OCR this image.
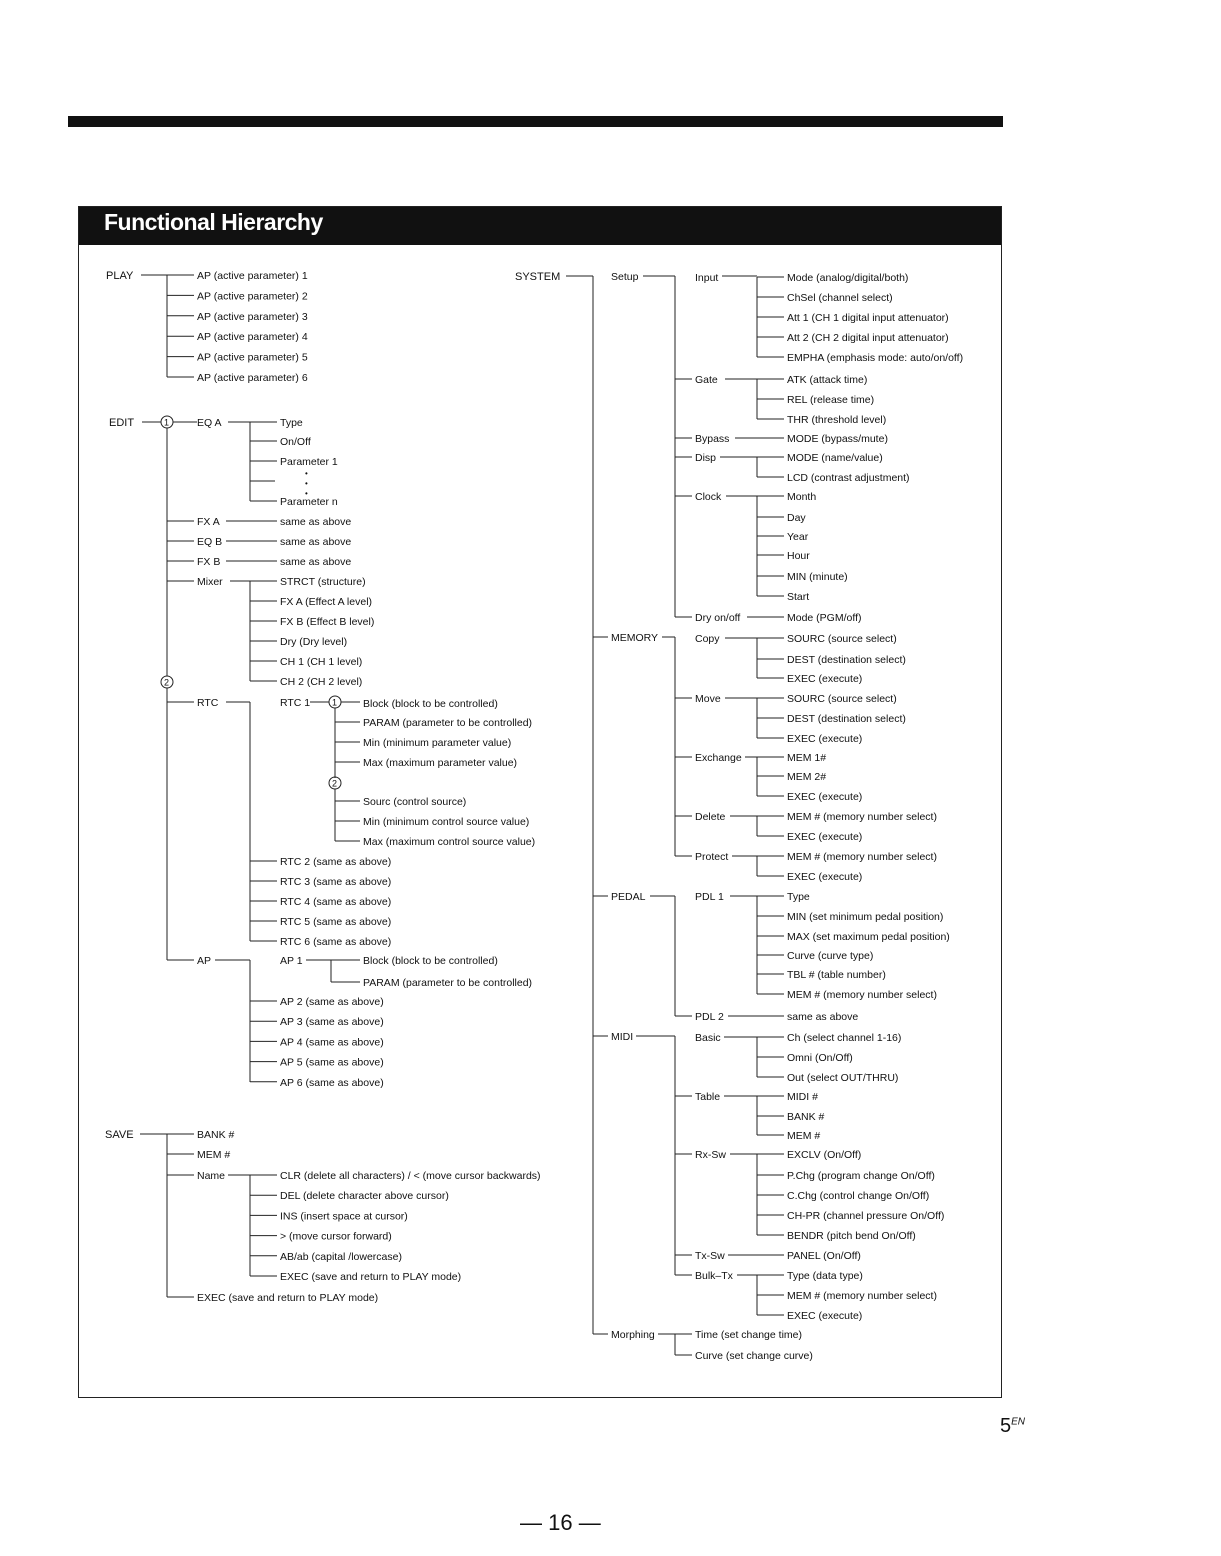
Functional Hierarchy
PLAY	AP (active parameter) 1
AP (active parameter) 2
AP (active parameter) 3
AP (active parameter) 4
AP (active parameter) 5
AP (active parameter) 6
EDIT	1
2
EQ A	Type
On/Off
Parameter 1
Parameter n
•
•
•
FX A	same as above
EQ B	same as above
FX B	same as above
Mixer	STRCT (structure)
FX A (Effect A level)
FX B (Effect B level)
Dry (Dry level)
CH 1 (CH 1 level)
CH 2 (CH 2 level)
RTC	RTC 1 1 Block (block to be controlled)
PARAM (parameter to be controlled)
Min (minimum parameter value)
Max (maximum parameter value)
2
Sourc (control source)
Min (minimum control source value)
Max (maximum control source value)
RTC 2 (same as above)
RTC 3 (same as above)
RTC 4 (same as above)
RTC 5 (same as above)
RTC 6 (same as above)
AP	AP 1	Block (block to be controlled)
PARAM (parameter to be controlled)
AP 2 (same as above)
AP 3 (same as above)
AP 4 (same as above)
AP 5 (same as above)
AP 6 (same as above)
SAVE	BANK #
MEM #
Name	CLR (delete all characters) / < (move cursor backwards)
DEL (delete character above cursor)
INS (insert space at cursor)
> (move cursor forward)
AB/ab (capital /lowercase)
EXEC (save and return to PLAY mode)
EXEC (save and return to PLAY mode)
SYSTEM	Setup	Input	Mode (analog/digital/both)
ChSel (channel select)
Att 1 (CH 1 digital input attenuator)
Att 2 (CH 2 digital input attenuator)
EMPHA (emphasis mode: auto/on/off)
Gate	ATK (attack time)
REL (release time)
THR (threshold level)
Bypass	MODE (bypass/mute)
Disp	MODE (name/value)
LCD (contrast adjustment)
Clock	Month
Day
Year
Hour
MIN (minute)
Start
Dry on/off	Mode (PGM/off)
MEMORY	Copy	SOURC (source select)
DEST (destination select)
EXEC (execute)
Move	SOURC (source select)
DEST (destination select)
EXEC (execute)
Exchange	MEM 1#
MEM 2#
EXEC (execute)
Delete	MEM # (memory number select)
EXEC (execute)
Protect	MEM # (memory number select)
EXEC (execute)
PEDAL	PDL 1	Type
MIN (set minimum pedal position)
MAX (set maximum pedal position)
Curve (curve type)
TBL # (table number)
MEM # (memory number select)
PDL 2	same as above
MIDI	Basic	Ch (select channel 1-16)
Omni (On/Off)
Out (select OUT/THRU)
Table	MIDI #
BANK #
MEM #
Rx-Sw	EXCLV (On/Off)
P.Chg (program change On/Off)
C.Chg (control change On/Off)
CH-PR (channel pressure On/Off)
BENDR (pitch bend On/Off)
Tx-Sw	PANEL (On/Off)
Bulk–Tx	Type (data type)
MEM # (memory number select)
EXEC (execute)
Morphing	Time (set change time)
Curve (set change curve)
$5^{EN}$
— 16 —
